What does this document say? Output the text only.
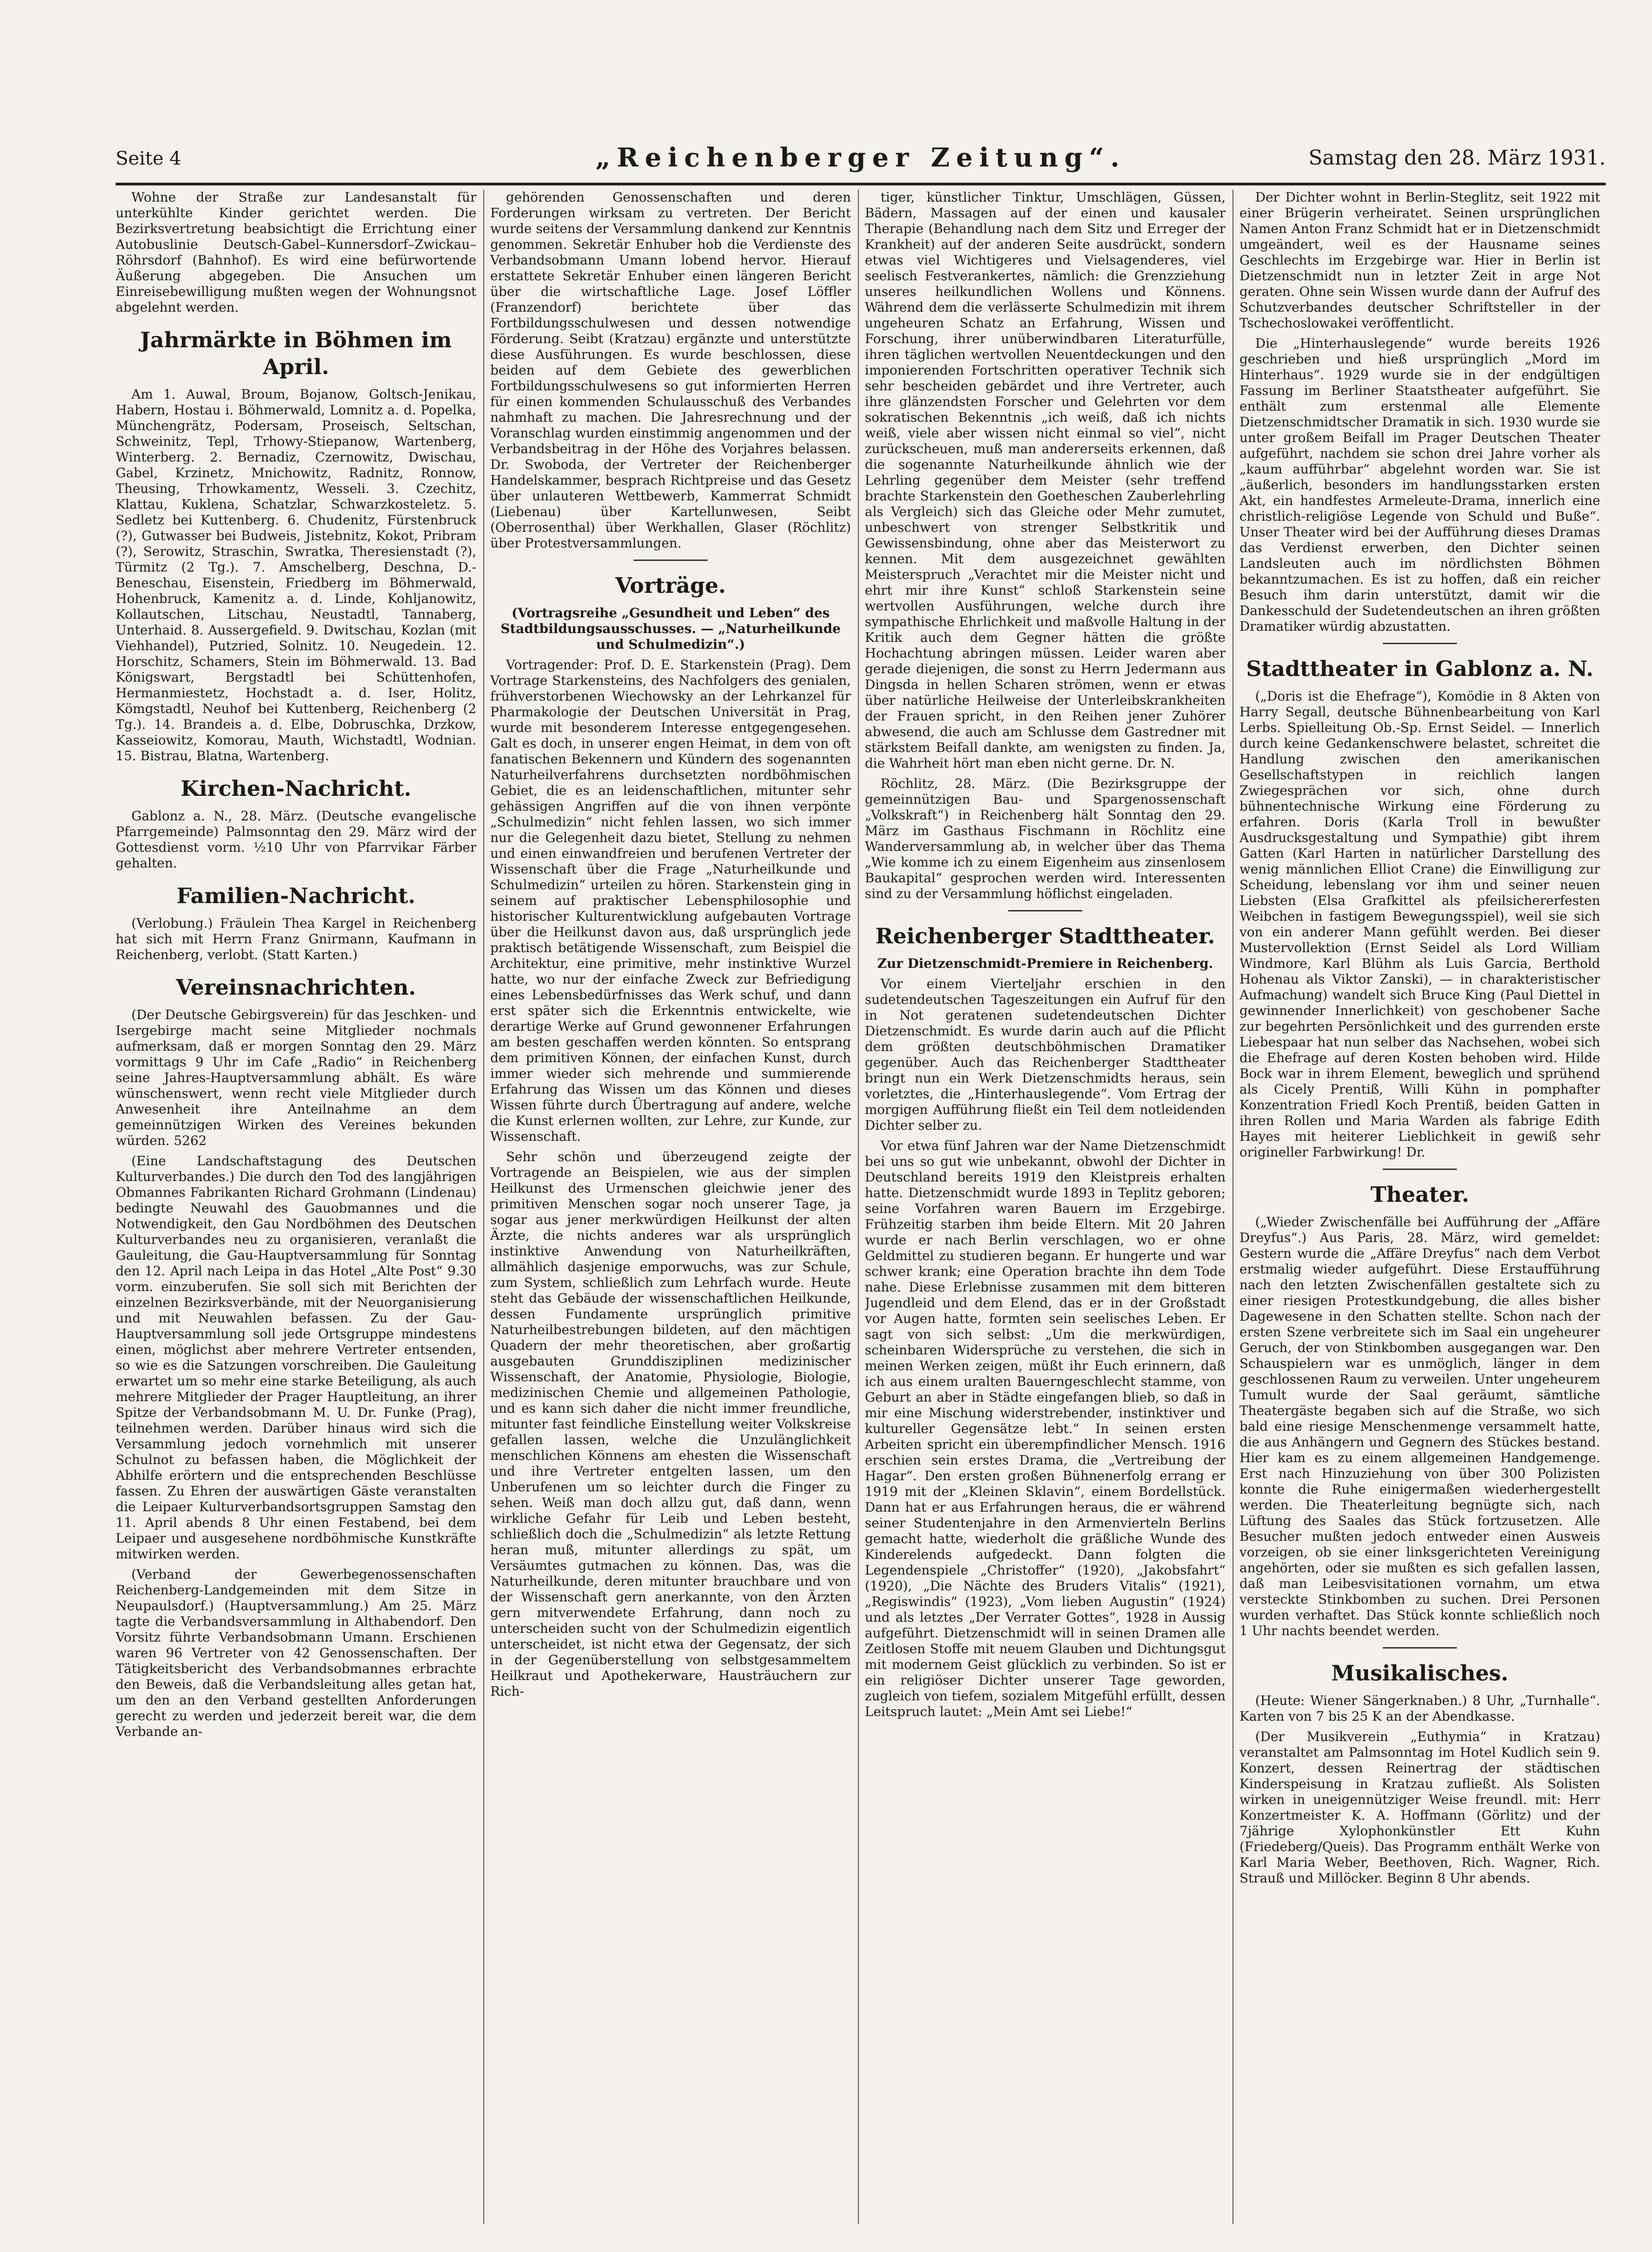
Seite 4	„Reichenberger Zeitung“.	Samstag den 28. März 1931.

Wohne der Straße zur Landesanstalt für unterkühlte Kinder gerichtet werden. Die Bezirksvertretung beabsichtigt die Errichtung einer Autobuslinie Deutsch-Gabel–Kunnersdorf–Zwickau–Röhrsdorf (Bahnhof). Es wird eine befürwortende Äußerung abgegeben. Die Ansuchen um Einreisebewilligung mußten wegen der Wohnungsnot abgelehnt werden.

Jahrmärkte in Böhmen im April.

Am 1. Auwal, Broum, Bojanow, Goltsch-Jenikau, Habern, Hostau i. Böhmerwald, Lomnitz a. d. Popelka, Münchengrätz, Podersam, Proseisch, Seltschan, Schweinitz, Tepl, Trhowy-Stiepanow, Wartenberg, Winterberg. 2. Bernadiz, Czernowitz, Dwischau, Gabel, Krzinetz, Mnichowitz, Radnitz, Ronnow, Theusing, Trhowkamentz, Wesseli. 3. Czechitz, Klattau, Kuklena, Schatzlar, Schwarzkosteletz. 5. Sedletz bei Kuttenberg. 6. Chudenitz, Fürstenbruck (?), Gutwasser bei Budweis, Jistebnitz, Kokot, Pribram (?), Serowitz, Straschin, Swratka, Theresienstadt (?), Türmitz (2 Tg.). 7. Amschelberg, Deschna, D.-Beneschau, Eisenstein, Friedberg im Böhmerwald, Hohenbruck, Kamenitz a. d. Linde, Kohljanowitz, Kollautschen, Litschau, Neustadtl, Tannaberg, Unterhaid. 8. Aussergefield. 9. Dwitschau, Kozlan (mit Viehhandel), Putzried, Solnitz. 10. Neugedein. 12. Horschitz, Schamers, Stein im Böhmerwald. 13. Bad Königswart, Bergstadtl bei Schüttenhofen, Hermanmiestetz, Hochstadt a. d. Iser, Holitz, Kömgstadtl, Neuhof bei Kuttenberg, Reichenberg (2 Tg.). 14. Brandeis a. d. Elbe, Dobruschka, Drzkow, Kasseiowitz, Komorau, Mauth, Wichstadtl, Wodnian. 15. Bistrau, Blatna, Wartenberg.

Kirchen-Nachricht.

Gablonz a. N., 28. März. (Deutsche evangelische Pfarrgemeinde) Palmsonntag den 29. März wird der Gottesdienst vorm. ½10 Uhr von Pfarrvikar Färber gehalten.

Familien-Nachricht.

(Verlobung.) Fräulein Thea Kargel in Reichenberg hat sich mit Herrn Franz Gnirmann, Kaufmann in Reichenberg, verlobt. (Statt Karten.)

Vereinsnachrichten.

(Der Deutsche Gebirgsverein) für das Jeschken- und Isergebirge macht seine Mitglieder nochmals aufmerksam, daß er morgen Sonntag den 29. März vormittags 9 Uhr im Cafe „Radio“ in Reichenberg seine Jahres-Hauptversammlung abhält. Es wäre wünschenswert, wenn recht viele Mitglieder durch Anwesenheit ihre Anteilnahme an dem gemeinnützigen Wirken des Vereines bekunden würden. 5262

(Eine Landschaftstagung des Deutschen Kulturverbandes.) Die durch den Tod des langjährigen Obmannes Fabrikanten Richard Grohmann (Lindenau) bedingte Neuwahl des Gauobmannes und die Notwendigkeit, den Gau Nordböhmen des Deutschen Kulturverbandes neu zu organisieren, veranlaßt die Gauleitung, die Gau-Hauptversammlung für Sonntag den 12. April nach Leipa in das Hotel „Alte Post“ 9.30 vorm. einzuberufen. Sie soll sich mit Berichten der einzelnen Bezirksverbände, mit der Neuorganisierung und mit Neuwahlen befassen. Zu der Gau-Hauptversammlung soll jede Ortsgruppe mindestens einen, möglichst aber mehrere Vertreter entsenden, so wie es die Satzungen vorschreiben. Die Gauleitung erwartet um so mehr eine starke Beteiligung, als auch mehrere Mitglieder der Prager Hauptleitung, an ihrer Spitze der Verbandsobmann M. U. Dr. Funke (Prag), teilnehmen werden. Darüber hinaus wird sich die Versammlung jedoch vornehmlich mit unserer Schulnot zu befassen haben, die Möglichkeit der Abhilfe erörtern und die entsprechenden Beschlüsse fassen. Zu Ehren der auswärtigen Gäste veranstalten die Leipaer Kulturverbandsortsgruppen Samstag den 11. April abends 8 Uhr einen Festabend, bei dem Leipaer und ausgesehene nordböhmische Kunstkräfte mitwirken werden.

(Verband der Gewerbegenossenschaften Reichenberg-Landgemeinden mit dem Sitze in Neupaulsdorf.) (Hauptversammlung.) Am 25. März tagte die Verbandsversammlung in Althabendorf. Den Vorsitz führte Verbandsobmann Umann. Erschienen waren 96 Vertreter von 42 Genossenschaften. Der Tätigkeitsbericht des Verbandsobmannes erbrachte den Beweis, daß die Verbandsleitung alles getan hat, um den an den Verband gestellten Anforderungen gerecht zu werden und jederzeit bereit war, die dem Verbande an-

gehörenden Genossenschaften und deren Forderungen wirksam zu vertreten. Der Bericht wurde seitens der Versammlung dankend zur Kenntnis genommen. Sekretär Enhuber hob die Verdienste des Verbandsobmann Umann lobend hervor. Hierauf erstattete Sekretär Enhuber einen längeren Bericht über die wirtschaftliche Lage. Josef Löffler (Franzendorf) berichtete über das Fortbildungsschulwesen und dessen notwendige Förderung. Seibt (Kratzau) ergänzte und unterstützte diese Ausführungen. Es wurde beschlossen, diese beiden auf dem Gebiete des gewerblichen Fortbildungsschulwesens so gut informierten Herren für einen kommenden Schulausschuß des Verbandes nahmhaft zu machen. Die Jahresrechnung und der Voranschlag wurden einstimmig angenommen und der Verbandsbeitrag in der Höhe des Vorjahres belassen. Dr. Swoboda, der Vertreter der Reichenberger Handelskammer, besprach Richtpreise und das Gesetz über unlauteren Wettbewerb, Kammerrat Schmidt (Liebenau) über Kartellunwesen, Seibt (Oberrosenthal) über Werkhallen, Glaser (Röchlitz) über Protestversammlungen.

Vorträge.
(Vortragsreihe „Gesundheit und Leben“ des Stadtbildungsausschusses. — „Naturheilkunde und Schulmedizin“.)

Vortragender: Prof. D. E. Starkenstein (Prag). Dem Vortrage Starkensteins, des Nachfolgers des genialen, frühverstorbenen Wiechowsky an der Lehrkanzel für Pharmakologie der Deutschen Universität in Prag, wurde mit besonderem Interesse entgegengesehen. Galt es doch, in unserer engen Heimat, in dem von oft fanatischen Bekennern und Kündern des sogenannten Naturheilverfahrens durchsetzten nordböhmischen Gebiet, die es an leidenschaftlichen, mitunter sehr gehässigen Angriffen auf die von ihnen verpönte „Schulmedizin“ nicht fehlen lassen, wo sich immer nur die Gelegenheit dazu bietet, Stellung zu nehmen und einen einwandfreien und berufenen Vertreter der Wissenschaft über die Frage „Naturheilkunde und Schulmedizin“ urteilen zu hören. Starkenstein ging in seinem auf praktischer Lebensphilosophie und historischer Kulturentwicklung aufgebauten Vortrage über die Heilkunst davon aus, daß ursprünglich jede praktisch betätigende Wissenschaft, zum Beispiel die Architektur, eine primitive, mehr instinktive Wurzel hatte, wo nur der einfache Zweck zur Befriedigung eines Lebensbedürfnisses das Werk schuf, und dann erst später sich die Erkenntnis entwickelte, wie derartige Werke auf Grund gewonnener Erfahrungen am besten geschaffen werden könnten. So entsprang dem primitiven Können, der einfachen Kunst, durch immer wieder sich mehrende und summierende Erfahrung das Wissen um das Können und dieses Wissen führte durch Übertragung auf andere, welche die Kunst erlernen wollten, zur Lehre, zur Kunde, zur Wissenschaft.

Sehr schön und überzeugend zeigte der Vortragende an Beispielen, wie aus der simplen Heilkunst des Urmenschen gleichwie jener des primitiven Menschen sogar noch unserer Tage, ja sogar aus jener merkwürdigen Heilkunst der alten Ärzte, die nichts anderes war als ursprünglich instinktive Anwendung von Naturheilkräften, allmählich dasjenige emporwuchs, was zur Schule, zum System, schließlich zum Lehrfach wurde. Heute steht das Gebäude der wissenschaftlichen Heilkunde, dessen Fundamente ursprünglich primitive Naturheilbestrebungen bildeten, auf den mächtigen Quadern der mehr theoretischen, aber großartig ausgebauten Grunddisziplinen medizinischer Wissenschaft, der Anatomie, Physiologie, Biologie, medizinischen Chemie und allgemeinen Pathologie, und es kann sich daher die nicht immer freundliche, mitunter fast feindliche Einstellung weiter Volkskreise gefallen lassen, welche die Unzulänglichkeit menschlichen Könnens am ehesten die Wissenschaft und ihre Vertreter entgelten lassen, um den Unberufenen um so leichter durch die Finger zu sehen. Weiß man doch allzu gut, daß dann, wenn wirkliche Gefahr für Leib und Leben besteht, schließlich doch die „Schulmedizin“ als letzte Rettung heran muß, mitunter allerdings zu spät, um Versäumtes gutmachen zu können. Das, was die Naturheilkunde, deren mitunter brauchbare und von der Wissenschaft gern anerkannte, von den Ärzten gern mitverwendete Erfahrung, dann noch zu unterscheiden sucht von der Schulmedizin eigentlich unterscheidet, ist nicht etwa der Gegensatz, der sich in der Gegenüberstellung von selbstgesammeltem Heilkraut und Apothekerware, Hausträuchern zur Rich-

tiger, künstlicher Tinktur, Umschlägen, Güssen, Bädern, Massagen auf der einen und kausaler Therapie (Behandlung nach dem Sitz und Erreger der Krankheit) auf der anderen Seite ausdrückt, sondern etwas viel Wichtigeres und Vielsagenderes, viel seelisch Festverankertes, nämlich: die Grenzziehung unseres heilkundlichen Wollens und Könnens. Während dem die verlässerte Schulmedizin mit ihrem ungeheuren Schatz an Erfahrung, Wissen und Forschung, ihrer unüberwindbaren Literaturfülle, ihren täglichen wertvollen Neuentdeckungen und den imponierenden Fortschritten operativer Technik sich sehr bescheiden gebärdet und ihre Vertreter, auch ihre glänzendsten Forscher und Gelehrten vor dem sokratischen Bekenntnis „ich weiß, daß ich nichts weiß, viele aber wissen nicht einmal so viel“, nicht zurückscheuen, muß man andererseits erkennen, daß die sogenannte Naturheilkunde ähnlich wie der Lehrling gegenüber dem Meister (sehr treffend brachte Starkenstein den Goetheschen Zauberlehrling als Vergleich) sich das Gleiche oder Mehr zumutet, unbeschwert von strenger Selbstkritik und Gewissensbindung, ohne aber das Meisterwort zu kennen. Mit dem ausgezeichnet gewählten Meisterspruch „Verachtet mir die Meister nicht und ehrt mir ihre Kunst“ schloß Starkenstein seine wertvollen Ausführungen, welche durch ihre sympathische Ehrlichkeit und maßvolle Haltung in der Kritik auch dem Gegner hätten die größte Hochachtung abringen müssen. Leider waren aber gerade diejenigen, die sonst zu Herrn Jedermann aus Dingsda in hellen Scharen strömen, wenn er etwas über natürliche Heilweise der Unterleibskrankheiten der Frauen spricht, in den Reihen jener Zuhörer abwesend, die auch am Schlusse dem Gastredner mit stärkstem Beifall dankte, am wenigsten zu finden. Ja, die Wahrheit hört man eben nicht gerne. Dr. N.

Röchlitz, 28. März. (Die Bezirksgruppe der gemeinnützigen Bau- und Spargenossenschaft „Volkskraft“) in Reichenberg hält Sonntag den 29. März im Gasthaus Fischmann in Röchlitz eine Wanderversammlung ab, in welcher über das Thema „Wie komme ich zu einem Eigenheim aus zinsenlosem Baukapital“ gesprochen werden wird. Interessenten sind zu der Versammlung höflichst eingeladen.

Reichenberger Stadttheater.
Zur Dietzenschmidt-Premiere in Reichenberg.

Vor einem Vierteljahr erschien in den sudetendeutschen Tageszeitungen ein Aufruf für den in Not geratenen sudetendeutschen Dichter Dietzenschmidt. Es wurde darin auch auf die Pflicht dem größten deutschböhmischen Dramatiker gegenüber. Auch das Reichenberger Stadttheater bringt nun ein Werk Dietzenschmidts heraus, sein vorletztes, die „Hinterhauslegende“. Vom Ertrag der morgigen Aufführung fließt ein Teil dem notleidenden Dichter selber zu.

Vor etwa fünf Jahren war der Name Dietzenschmidt bei uns so gut wie unbekannt, obwohl der Dichter in Deutschland bereits 1919 den Kleistpreis erhalten hatte. Dietzenschmidt wurde 1893 in Teplitz geboren; seine Vorfahren waren Bauern im Erzgebirge. Frühzeitig starben ihm beide Eltern. Mit 20 Jahren wurde er nach Berlin verschlagen, wo er ohne Geldmittel zu studieren begann. Er hungerte und war schwer krank; eine Operation brachte ihn dem Tode nahe. Diese Erlebnisse zusammen mit dem bitteren Jugendleid und dem Elend, das er in der Großstadt vor Augen hatte, formten sein seelisches Leben. Er sagt von sich selbst: „Um die merkwürdigen, scheinbaren Widersprüche zu verstehen, die sich in meinen Werken zeigen, müßt ihr Euch erinnern, daß ich aus einem uralten Bauerngeschlecht stamme, von Geburt an aber in Städte eingefangen blieb, so daß in mir eine Mischung widerstrebender, instinktiver und kultureller Gegensätze lebt.“ In seinen ersten Arbeiten spricht ein überempfindlicher Mensch. 1916 erschien sein erstes Drama, die „Vertreibung der Hagar“. Den ersten großen Bühnenerfolg errang er 1919 mit der „Kleinen Sklavin“, einem Bordellstück. Dann hat er aus Erfahrungen heraus, die er während seiner Studentenjahre in den Armenvierteln Berlins gemacht hatte, wiederholt die gräßliche Wunde des Kinderelends aufgedeckt. Dann folgten die Legendenspiele „Christoffer“ (1920), „Jakobsfahrt“ (1920), „Die Nächte des Bruders Vitalis“ (1921), „Regiswindis“ (1923), „Vom lieben Augustin“ (1924) und als letztes „Der Verrater Gottes“, 1928 in Aussig aufgeführt. Dietzenschmidt will in seinen Dramen alle Zeitlosen Stoffe mit neuem Glauben und Dichtungsgut mit modernem Geist glücklich zu verbinden. So ist er ein religiöser Dichter unserer Tage geworden, zugleich von tiefem, sozialem Mitgefühl erfüllt, dessen Leitspruch lautet: „Mein Amt sei Liebe!“

Der Dichter wohnt in Berlin-Steglitz, seit 1922 mit einer Brügerin verheiratet. Seinen ursprünglichen Namen Anton Franz Schmidt hat er in Dietzenschmidt umgeändert, weil es der Hausname seines Geschlechts im Erzgebirge war. Hier in Berlin ist Dietzenschmidt nun in letzter Zeit in arge Not geraten. Ohne sein Wissen wurde dann der Aufruf des Schutzverbandes deutscher Schriftsteller in der Tschechoslowakei veröffentlicht.

Die „Hinterhauslegende“ wurde bereits 1926 geschrieben und hieß ursprünglich „Mord im Hinterhaus“. 1929 wurde sie in der endgültigen Fassung im Berliner Staatstheater aufgeführt. Sie enthält zum erstenmal alle Elemente Dietzenschmidtscher Dramatik in sich. 1930 wurde sie unter großem Beifall im Prager Deutschen Theater aufgeführt, nachdem sie schon drei Jahre vorher als „kaum aufführbar“ abgelehnt worden war. Sie ist „äußerlich, besonders im handlungsstarken ersten Akt, ein handfestes Armeleute-Drama, innerlich eine christlich-religiöse Legende von Schuld und Buße“. Unser Theater wird bei der Aufführung dieses Dramas das Verdienst erwerben, den Dichter seinen Landsleuten auch im nördlichsten Böhmen bekanntzumachen. Es ist zu hoffen, daß ein reicher Besuch ihm darin unterstützt, damit wir die Dankesschuld der Sudetendeutschen an ihren größten Dramatiker würdig abzustatten.

Stadttheater in Gablonz a. N.

(„Doris ist die Ehefrage“), Komödie in 8 Akten von Harry Segall, deutsche Bühnenbearbeitung von Karl Lerbs. Spielleitung Ob.-Sp. Ernst Seidel. — Innerlich durch keine Gedankenschwere belastet, schreitet die Handlung zwischen den amerikanischen Gesellschaftstypen in reichlich langen Zwiegesprächen vor sich, ohne durch bühnentechnische Wirkung eine Förderung zu erfahren. Doris (Karla Troll in bewußter Ausdrucksgestaltung und Sympathie) gibt ihrem Gatten (Karl Harten in natürlicher Darstellung des wenig männlichen Elliot Crane) die Einwilligung zur Scheidung, lebenslang vor ihm und seiner neuen Liebsten (Elsa Grafkittel als pfeilsichererfesten Weibchen in fastigem Bewegungsspiel), weil sie sich von ein anderer Mann gefühlt werden. Bei dieser Mustervollektion (Ernst Seidel als Lord William Windmore, Karl Blühm als Luis Garcia, Berthold Hohenau als Viktor Zanski), — in charakteristischer Aufmachung) wandelt sich Bruce King (Paul Diettel in gewinnender Innerlichkeit) von geschobener Sache zur begehrten Persönlichkeit und des gurrenden erste Liebespaar hat nun selber das Nachsehen, wobei sich die Ehefrage auf deren Kosten behoben wird. Hilde Bock war in ihrem Element, beweglich und sprühend als Cicely Prentiß, Willi Kühn in pomphafter Konzentration Friedl Koch Prentiß, beiden Gatten in ihren Rollen und Maria Warden als fabrige Edith Hayes mit heiterer Lieblichkeit in gewiß sehr origineller Farbwirkung! Dr.

Theater.

(„Wieder Zwischenfälle bei Aufführung der „Affäre Dreyfus“.) Aus Paris, 28. März, wird gemeldet: Gestern wurde die „Affäre Dreyfus“ nach dem Verbot erstmalig wieder aufgeführt. Diese Erstaufführung nach den letzten Zwischenfällen gestaltete sich zu einer riesigen Protestkundgebung, die alles bisher Dagewesene in den Schatten stellte. Schon nach der ersten Szene verbreitete sich im Saal ein ungeheurer Geruch, der von Stinkbomben ausgegangen war. Den Schauspielern war es unmöglich, länger in dem geschlossenen Raum zu verweilen. Unter ungeheurem Tumult wurde der Saal geräumt, sämtliche Theatergäste begaben sich auf die Straße, wo sich bald eine riesige Menschenmenge versammelt hatte, die aus Anhängern und Gegnern des Stückes bestand. Hier kam es zu einem allgemeinen Handgemenge. Erst nach Hinzuziehung von über 300 Polizisten konnte die Ruhe einigermaßen wiederhergestellt werden. Die Theaterleitung begnügte sich, nach Lüftung des Saales das Stück fortzusetzen. Alle Besucher mußten jedoch entweder einen Ausweis vorzeigen, ob sie einer linksgerichteten Vereinigung angehörten, oder sie mußten es sich gefallen lassen, daß man Leibesvisitationen vornahm, um etwa versteckte Stinkbomben zu suchen. Drei Personen wurden verhaftet. Das Stück konnte schließlich noch 1 Uhr nachts beendet werden.

Musikalisches.

(Heute: Wiener Sängerknaben.) 8 Uhr, „Turnhalle“. Karten von 7 bis 25 K an der Abendkasse.

(Der Musikverein „Euthymia“ in Kratzau) veranstaltet am Palmsonntag im Hotel Kudlich sein 9. Konzert, dessen Reinertrag der städtischen Kinderspeisung in Kratzau zufließt. Als Solisten wirken in uneigennütziger Weise freundl. mit: Herr Konzertmeister K. A. Hoffmann (Görlitz) und der 7jährige Xylophonkünstler Ett Kuhn (Friedeberg/Queis). Das Programm enthält Werke von Karl Maria Weber, Beethoven, Rich. Wagner, Rich. Strauß und Millöcker. Beginn 8 Uhr abends.
